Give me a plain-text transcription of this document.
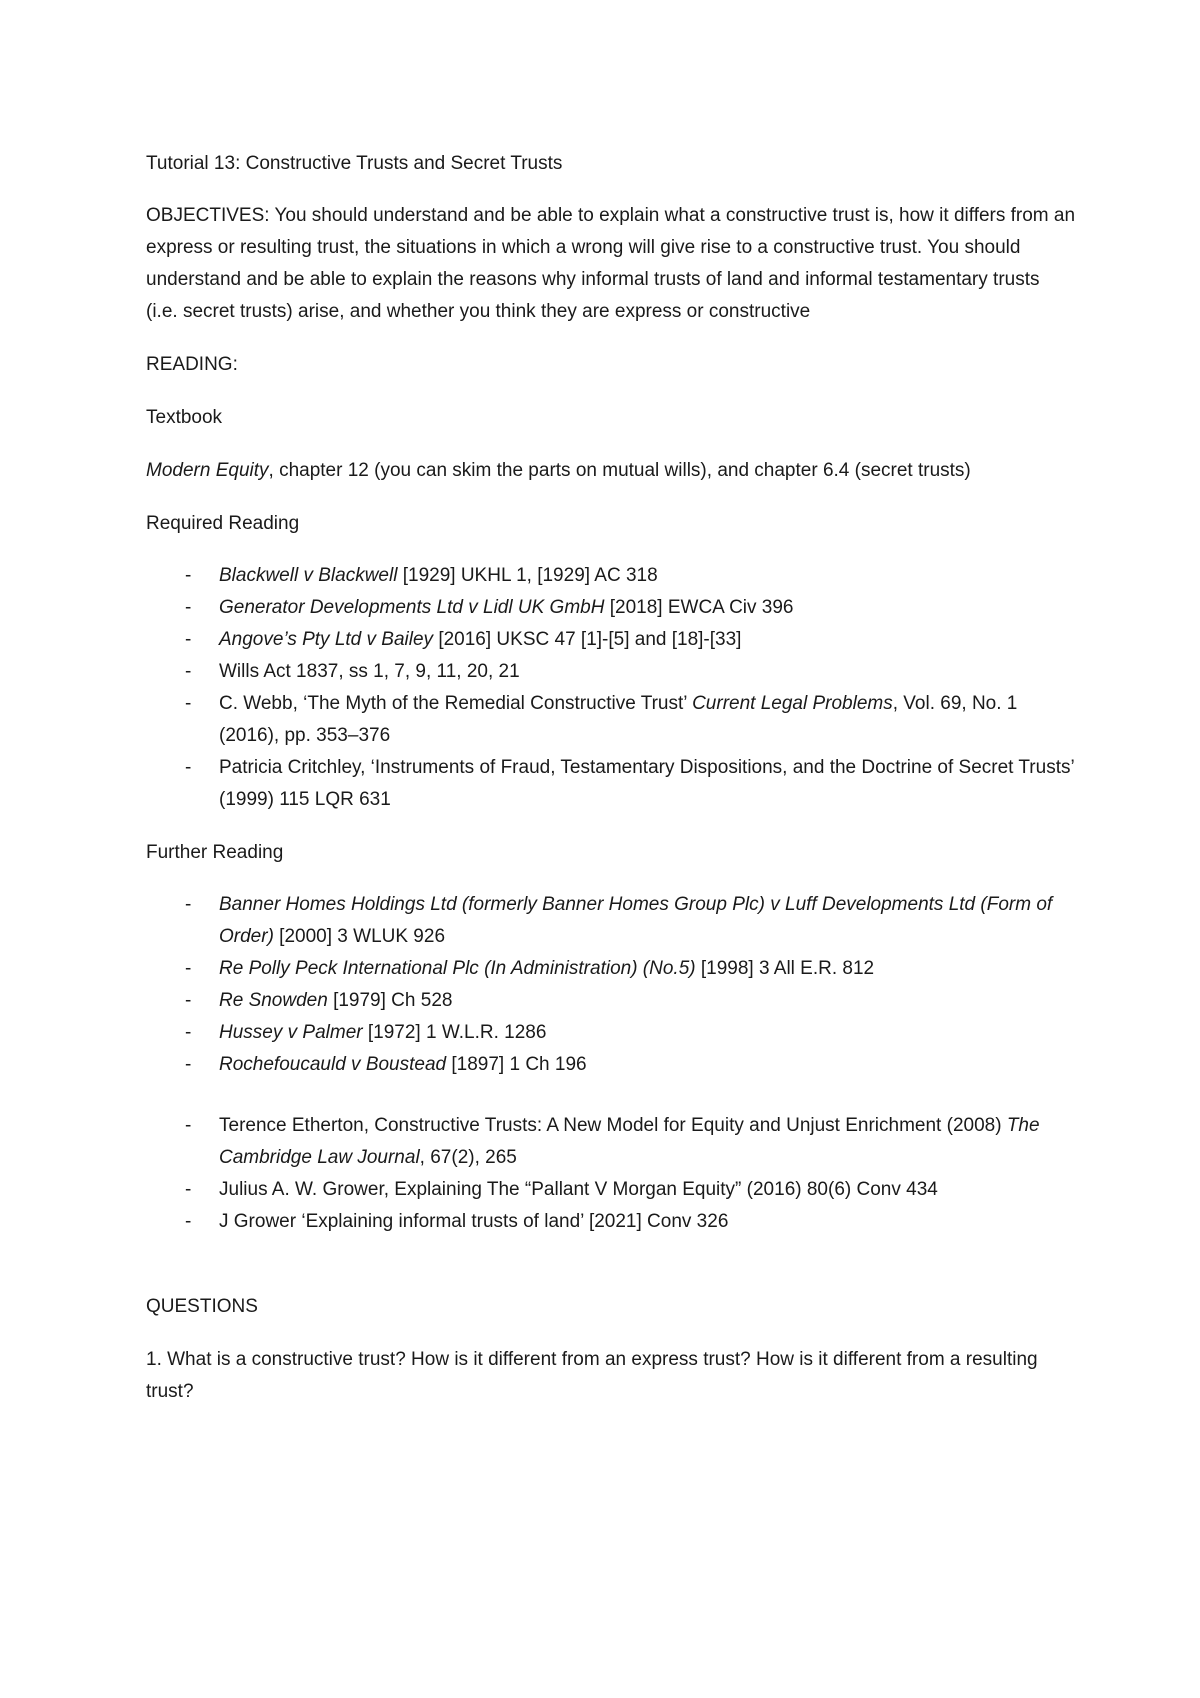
Tutorial 13: Constructive Trusts and Secret Trusts

OBJECTIVES: You should understand and be able to explain what a constructive trust is, how it differs from an express or resulting trust, the situations in which a wrong will give rise to a constructive trust. You should understand and be able to explain the reasons why informal trusts of land and informal testamentary trusts (i.e. secret trusts) arise, and whether you think they are express or constructive

READING:

Textbook

Modern Equity, chapter 12 (you can skim the parts on mutual wills), and chapter 6.4 (secret trusts)

Required Reading

- Blackwell v Blackwell [1929] UKHL 1, [1929] AC 318
- Generator Developments Ltd v Lidl UK GmbH [2018] EWCA Civ 396
- Angove’s Pty Ltd v Bailey [2016] UKSC 47 [1]-[5] and [18]-[33]
- Wills Act 1837, ss 1, 7, 9, 11, 20, 21
- C. Webb, ‘The Myth of the Remedial Constructive Trust’ Current Legal Problems, Vol. 69, No. 1 (2016), pp. 353–376
- Patricia Critchley, ‘Instruments of Fraud, Testamentary Dispositions, and the Doctrine of Secret Trusts’ (1999) 115 LQR 631

Further Reading

- Banner Homes Holdings Ltd (formerly Banner Homes Group Plc) v Luff Developments Ltd (Form of Order) [2000] 3 WLUK 926
- Re Polly Peck International Plc (In Administration) (No.5) [1998] 3 All E.R. 812
- Re Snowden [1979] Ch 528
- Hussey v Palmer [1972] 1 W.L.R. 1286
- Rochefoucauld v Boustead [1897] 1 Ch 196
- Terence Etherton, Constructive Trusts: A New Model for Equity and Unjust Enrichment (2008) The Cambridge Law Journal, 67(2), 265
- Julius A. W. Grower, Explaining The “Pallant V Morgan Equity” (2016) 80(6) Conv 434
- J Grower ‘Explaining informal trusts of land’ [2021] Conv 326

QUESTIONS

1. What is a constructive trust? How is it different from an express trust? How is it different from a resulting trust?
